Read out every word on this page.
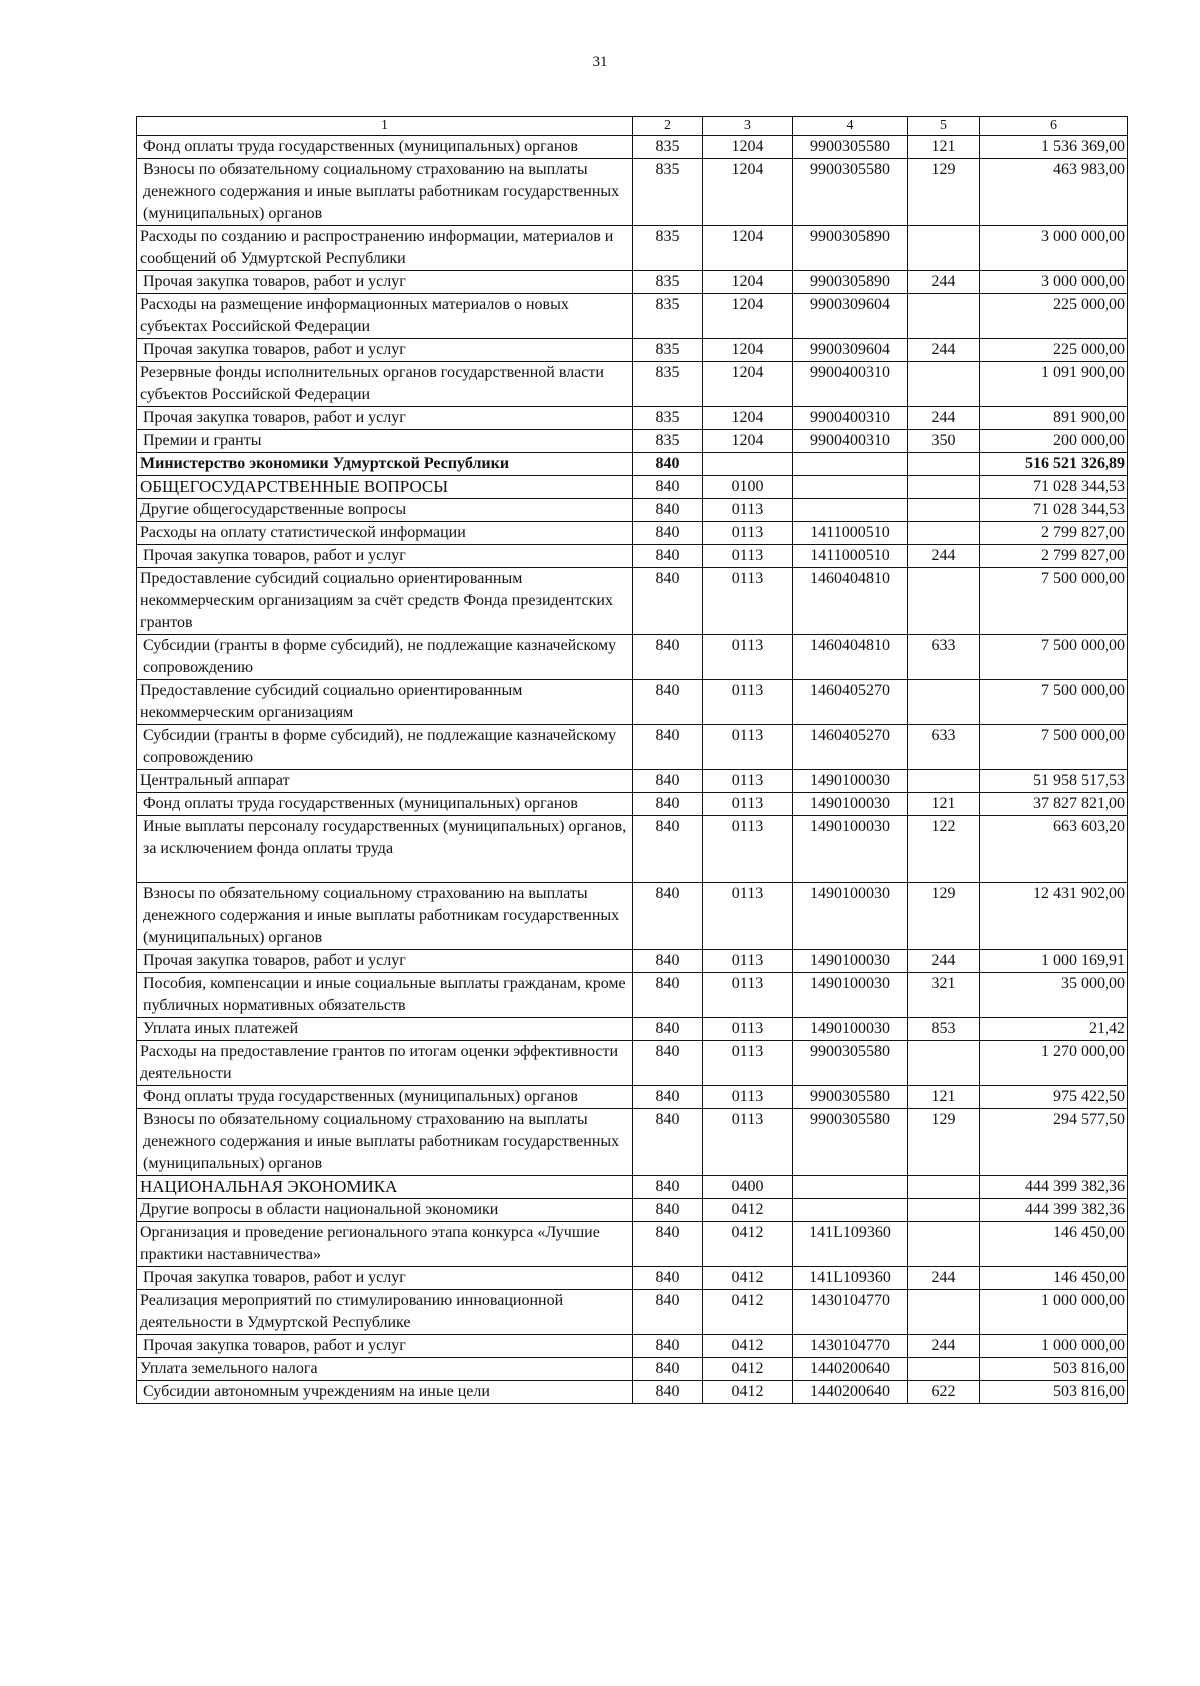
31
1	2	3	4	5	6
Фонд оплаты труда государственных (муниципальных) органов	835	1204	9900305580	121	1 536 369,00
Взносы по обязательному социальному страхованию на выплаты денежного содержания и иные выплаты работникам государственных (муниципальных) органов	835	1204	9900305580	129	463 983,00
Расходы по созданию и распространению информации, материалов и сообщений об Удмуртской Республики	835	1204	9900305890		3 000 000,00
Прочая закупка товаров, работ и услуг	835	1204	9900305890	244	3 000 000,00
Расходы на размещение информационных материалов о новых субъектах Российской Федерации	835	1204	9900309604		225 000,00
Прочая закупка товаров, работ и услуг	835	1204	9900309604	244	225 000,00
Резервные фонды исполнительных органов государственной власти субъектов Российской Федерации	835	1204	9900400310		1 091 900,00
Прочая закупка товаров, работ и услуг	835	1204	9900400310	244	891 900,00
Премии и гранты	835	1204	9900400310	350	200 000,00
Министерство экономики Удмуртской Республики	840				516 521 326,89
ОБЩЕГОСУДАРСТВЕННЫЕ ВОПРОСЫ	840	0100			71 028 344,53
Другие общегосударственные вопросы	840	0113			71 028 344,53
Расходы на оплату статистической информации	840	0113	1411000510		2 799 827,00
Прочая закупка товаров, работ и услуг	840	0113	1411000510	244	2 799 827,00
Предоставление субсидий социально ориентированным некоммерческим организациям за счёт средств Фонда президентских грантов	840	0113	1460404810		7 500 000,00
Субсидии (гранты в форме субсидий), не подлежащие казначейскому сопровождению	840	0113	1460404810	633	7 500 000,00
Предоставление субсидий социально ориентированным некоммерческим организациям	840	0113	1460405270		7 500 000,00
Субсидии (гранты в форме субсидий), не подлежащие казначейскому сопровождению	840	0113	1460405270	633	7 500 000,00
Центральный аппарат	840	0113	1490100030		51 958 517,53
Фонд оплаты труда государственных (муниципальных) органов	840	0113	1490100030	121	37 827 821,00
Иные выплаты персоналу государственных (муниципальных) органов, за исключением фонда оплаты труда	840	0113	1490100030	122	663 603,20
Взносы по обязательному социальному страхованию на выплаты денежного содержания и иные выплаты работникам государственных (муниципальных) органов	840	0113	1490100030	129	12 431 902,00
Прочая закупка товаров, работ и услуг	840	0113	1490100030	244	1 000 169,91
Пособия, компенсации и иные социальные выплаты гражданам, кроме публичных нормативных обязательств	840	0113	1490100030	321	35 000,00
Уплата иных платежей	840	0113	1490100030	853	21,42
Расходы на предоставление грантов по итогам оценки эффективности деятельности	840	0113	9900305580		1 270 000,00
Фонд оплаты труда государственных (муниципальных) органов	840	0113	9900305580	121	975 422,50
Взносы по обязательному социальному страхованию на выплаты денежного содержания и иные выплаты работникам государственных (муниципальных) органов	840	0113	9900305580	129	294 577,50
НАЦИОНАЛЬНАЯ ЭКОНОМИКА	840	0400			444 399 382,36
Другие вопросы в области национальной экономики	840	0412			444 399 382,36
Организация и проведение регионального этапа конкурса «Лучшие практики наставничества»	840	0412	141L109360		146 450,00
Прочая закупка товаров, работ и услуг	840	0412	141L109360	244	146 450,00
Реализация мероприятий по стимулированию инновационной деятельности в Удмуртской Республике	840	0412	1430104770		1 000 000,00
Прочая закупка товаров, работ и услуг	840	0412	1430104770	244	1 000 000,00
Уплата земельного налога	840	0412	1440200640		503 816,00
Субсидии автономным учреждениям на иные цели	840	0412	1440200640	622	503 816,00
